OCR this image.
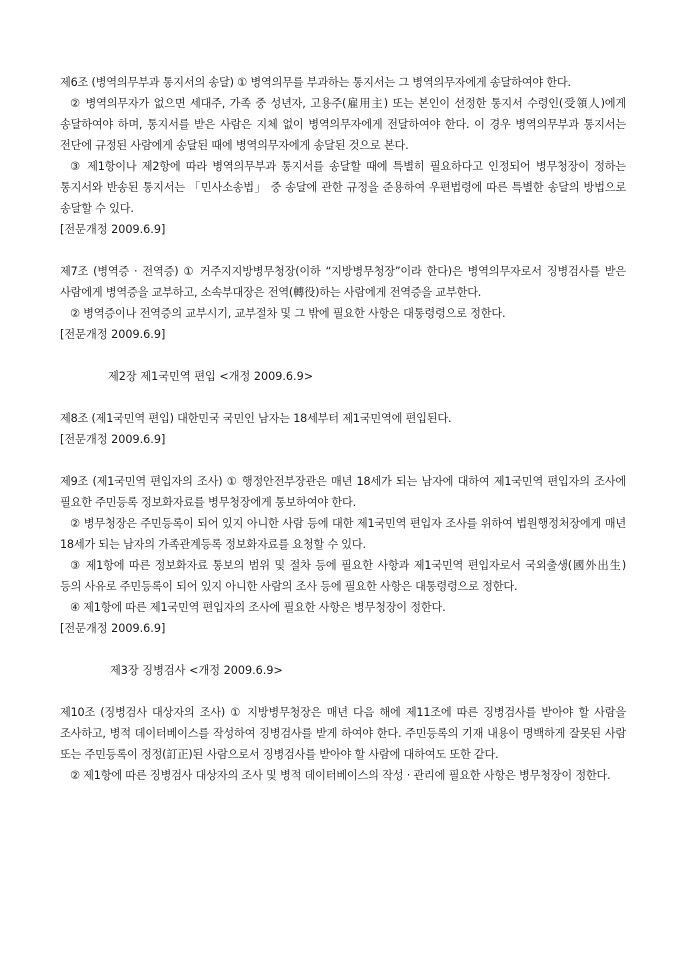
제6조 (병역의무부과 통지서의 송달) ① 병역의무를 부과하는 통지서는 그 병역의무자에게 송달하여야 한다.

② 병역의무자가 없으면 세대주, 가족 중 성년자, 고용주(雇用主) 또는 본인이 선정한 통지서 수령인(受領人)에게 송달하여야 하며, 통지서를 받은 사람은 지체 없이 병역의무자에게 전달하여야 한다. 이 경우 병역의무부과 통지서는 전단에 규정된 사람에게 송달된 때에 병역의무자에게 송달된 것으로 본다.

③ 제1항이나 제2항에 따라 병역의무부과 통지서를 송달할 때에 특별히 필요하다고 인정되어 병무청장이 정하는 통지서와 반송된 통지서는 「민사소송법」 중 송달에 관한 규정을 준용하여 우편법령에 따른 특별한 송달의 방법으로 송달할 수 있다.

[전문개정 2009.6.9]

제7조 (병역증 · 전역증) ① 거주지지방병무청장(이하 “지방병무청장”이라 한다)은 병역의무자로서 징병검사를 받은 사람에게 병역증을 교부하고, 소속부대장은 전역(轉役)하는 사람에게 전역증을 교부한다.

② 병역증이나 전역증의 교부시기, 교부절차 및 그 밖에 필요한 사항은 대통령령으로 정한다.

[전문개정 2009.6.9]

제2장 제1국민역 편입 <개정 2009.6.9>

제8조 (제1국민역 편입) 대한민국 국민인 남자는 18세부터 제1국민역에 편입된다.

[전문개정 2009.6.9]

제9조 (제1국민역 편입자의 조사) ① 행정안전부장관은 매년 18세가 되는 남자에 대하여 제1국민역 편입자의 조사에 필요한 주민등록 정보화자료를 병무청장에게 통보하여야 한다.

② 병무청장은 주민등록이 되어 있지 아니한 사람 등에 대한 제1국민역 편입자 조사를 위하여 법원행정처장에게 매년 18세가 되는 남자의 가족관계등록 정보화자료를 요청할 수 있다.

③ 제1항에 따른 정보화자료 통보의 범위 및 절차 등에 필요한 사항과 제1국민역 편입자로서 국외출생(國外出生) 등의 사유로 주민등록이 되어 있지 아니한 사람의 조사 등에 필요한 사항은 대통령령으로 정한다.

④ 제1항에 따른 제1국민역 편입자의 조사에 필요한 사항은 병무청장이 정한다.

[전문개정 2009.6.9]

제3장 징병검사 <개정 2009.6.9>

제10조 (징병검사 대상자의 조사) ① 지방병무청장은 매년 다음 해에 제11조에 따른 징병검사를 받아야 할 사람을 조사하고, 병적 데이터베이스를 작성하여 징병검사를 받게 하여야 한다. 주민등록의 기재 내용이 명백하게 잘못된 사람 또는 주민등록이 정정(訂正)된 사람으로서 징병검사를 받아야 할 사람에 대하여도 또한 같다.

② 제1항에 따른 징병검사 대상자의 조사 및 병적 데이터베이스의 작성 · 관리에 필요한 사항은 병무청장이 정한다.
